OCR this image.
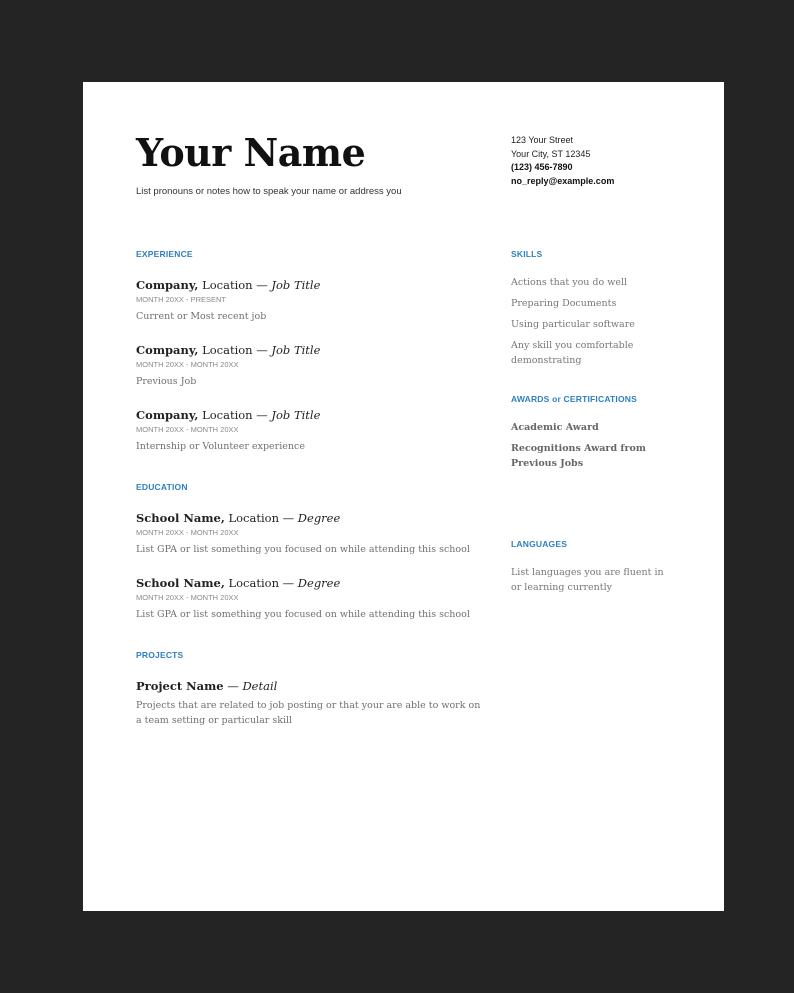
Your Name
List pronouns or notes how to speak your name or address you
123 Your Street
Your City, ST 12345
(123) 456-7890
no_reply@example.com
EXPERIENCE
Company, Location — Job Title
MONTH 20XX - PRESENT
Current or Most recent job
Company, Location — Job Title
MONTH 20XX - MONTH 20XX
Previous Job
Company, Location — Job Title
MONTH 20XX - MONTH 20XX
Internship or Volunteer experience
EDUCATION
School Name, Location — Degree
MONTH 20XX - MONTH 20XX
List GPA or list something you focused on while attending this school
School Name, Location — Degree
MONTH 20XX - MONTH 20XX
List GPA or list something you focused on while attending this school
PROJECTS
Project Name — Detail
Projects that are related to job posting or that your are able to work on a team setting or particular skill
SKILLS
Actions that you do well
Preparing Documents
Using particular software
Any skill you comfortable demonstrating
AWARDS or CERTIFICATIONS
Academic Award
Recognitions Award from Previous Jobs
LANGUAGES
List languages you are fluent in or learning currently
